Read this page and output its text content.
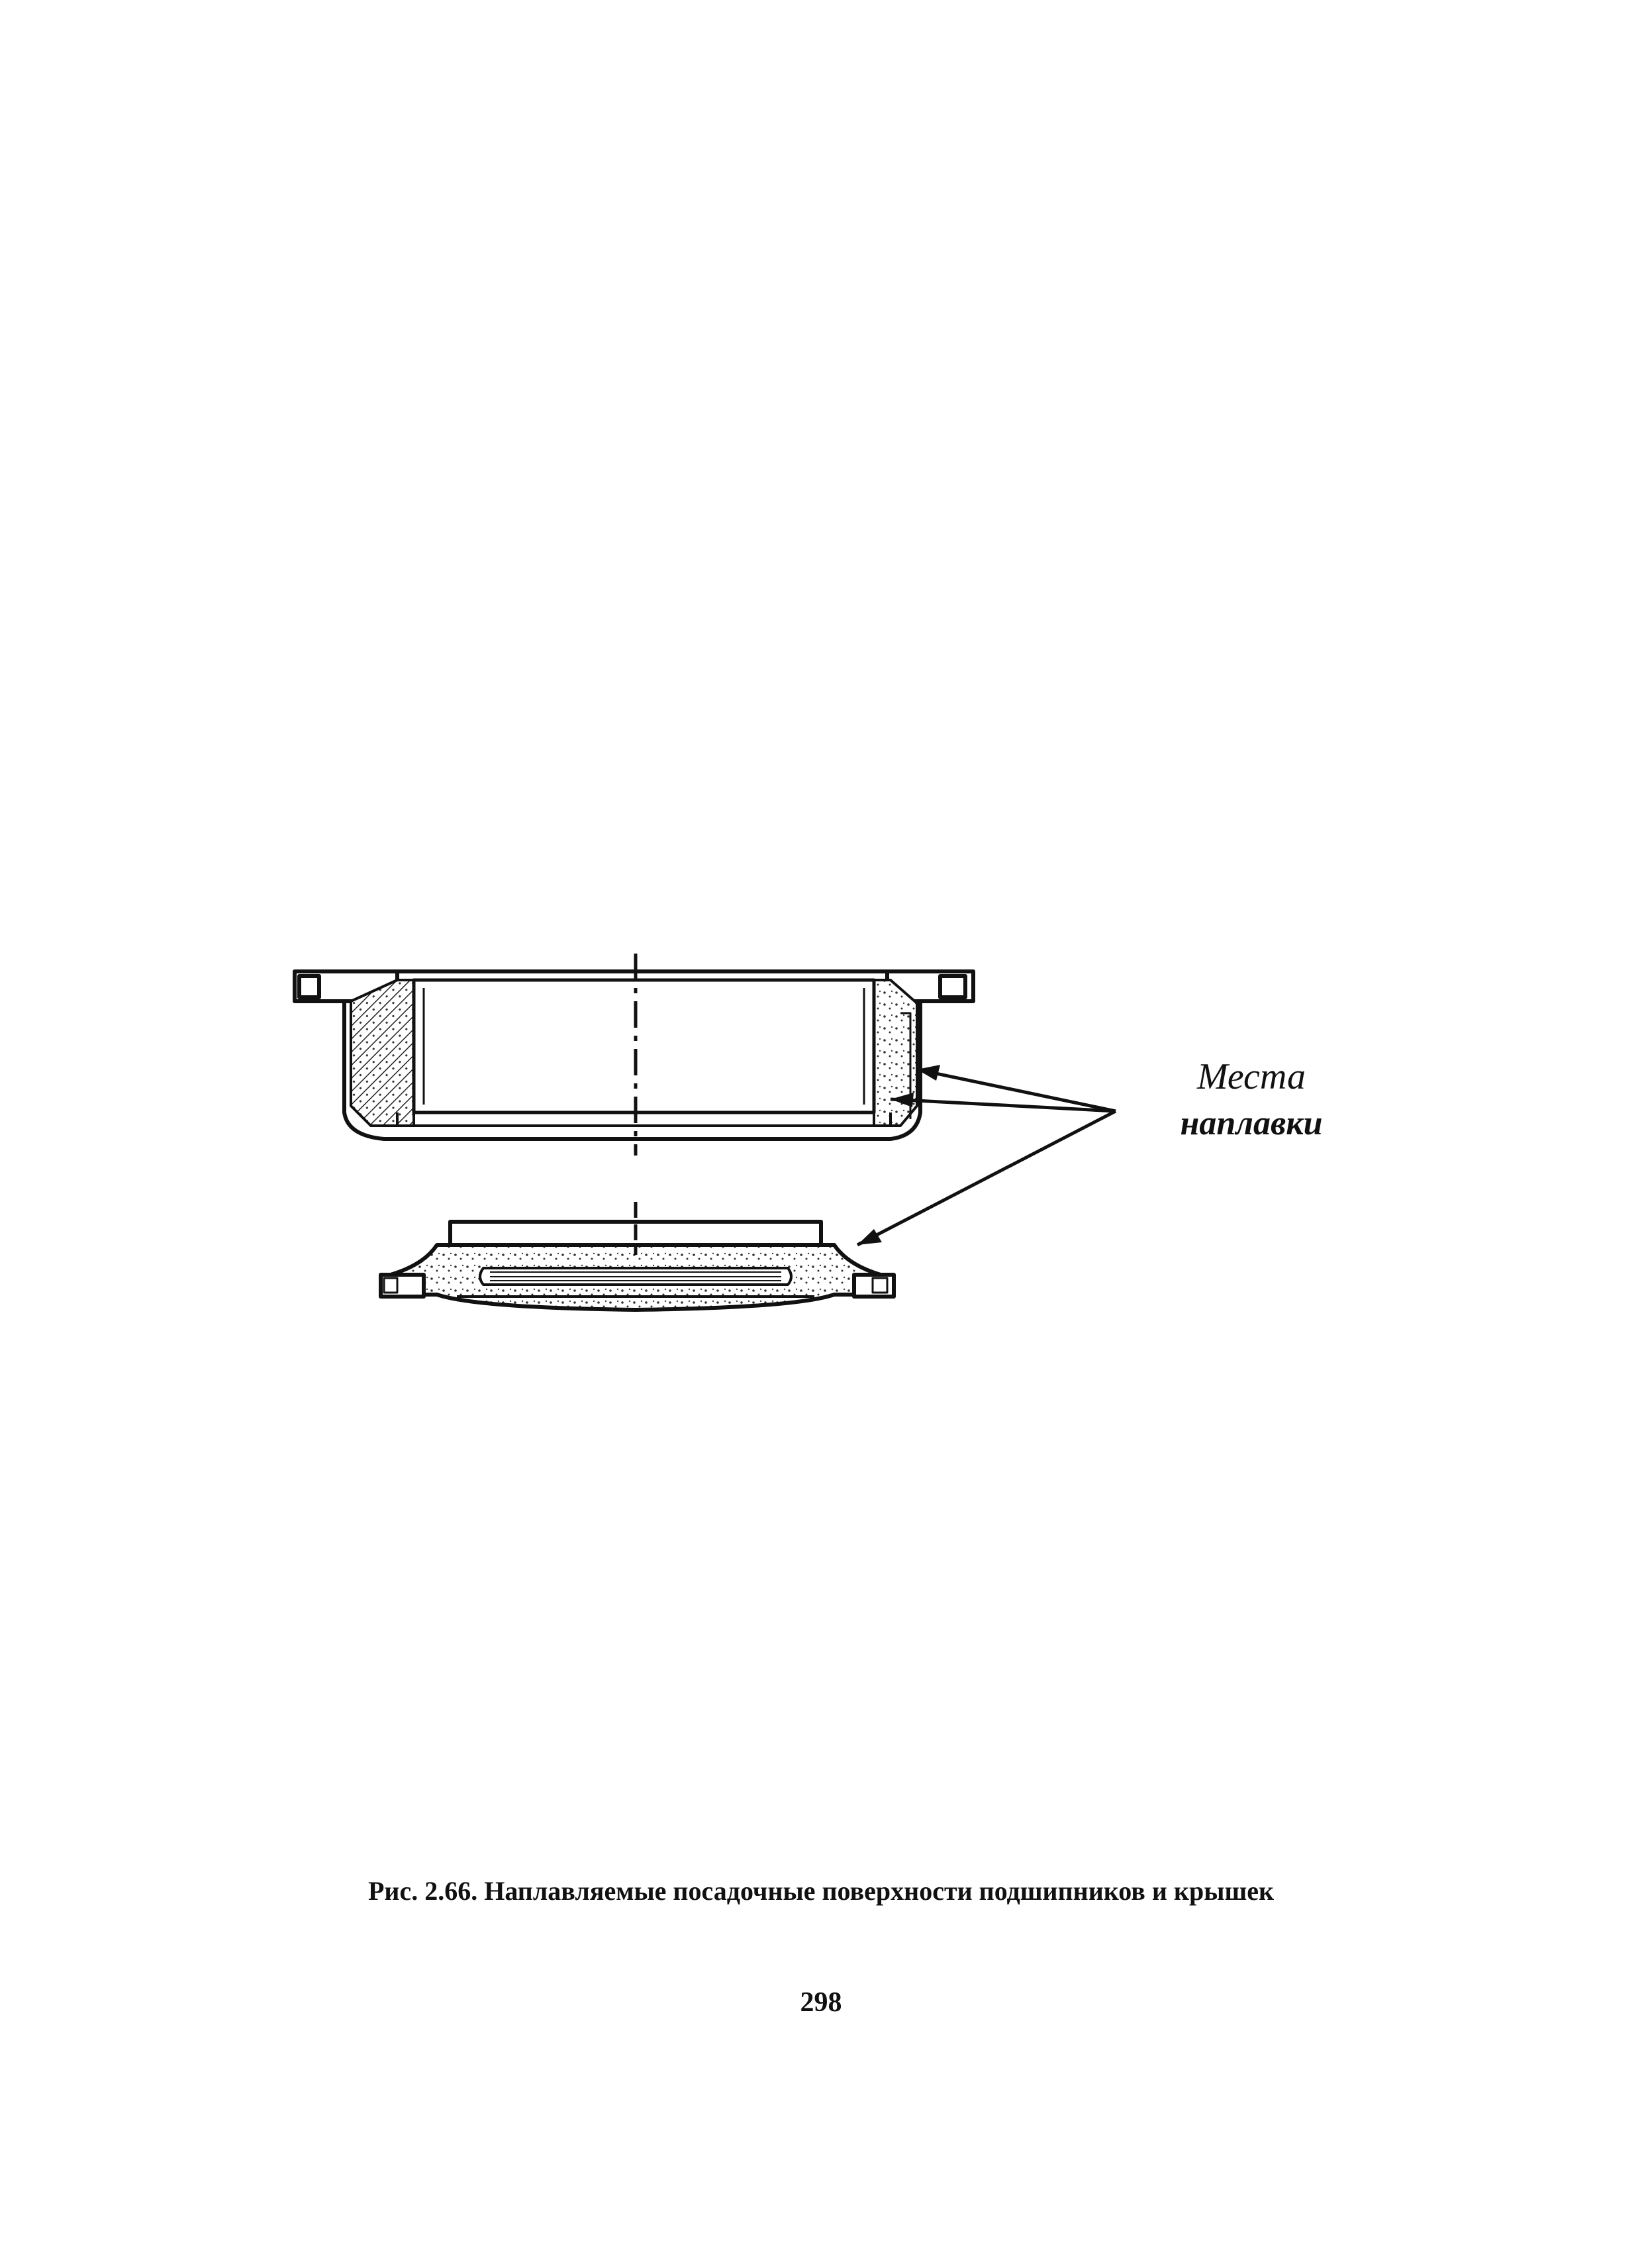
Места
наплавки
Рис. 2.66. Наплавляемые посадочные поверхности подшипников и крышек
298
